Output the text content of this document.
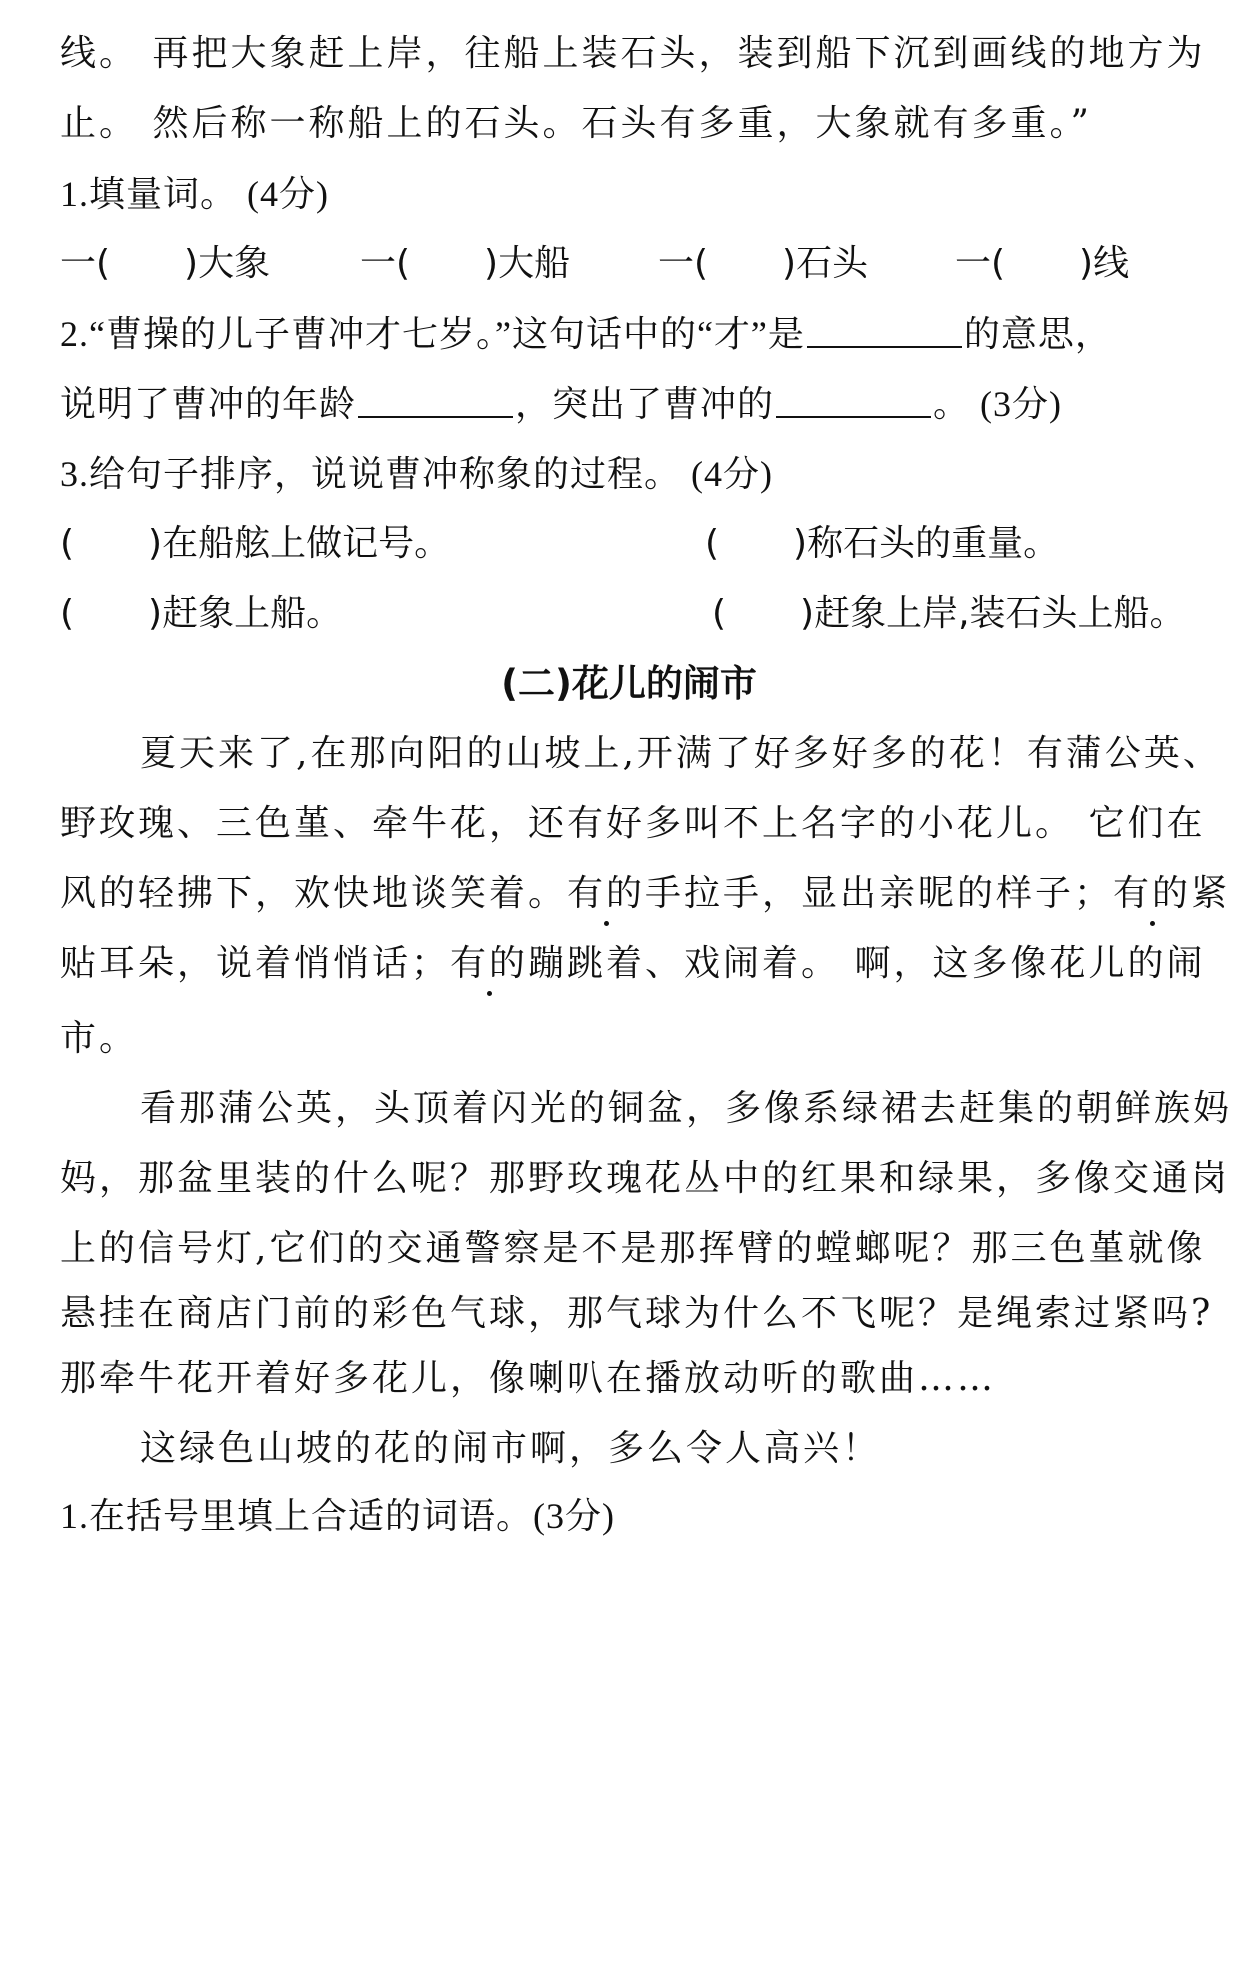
线。 再把大象赶上岸，往船上装石头，装到船下沉到画线的地方为
止。 然后称一称船上的石头。石头有多重，大象就有多重。”
1.填量词。 (4分)
一( )大象 一( )大船 一( )石头 一( )线
2.“曹操的儿子曹冲才七岁。”这句话中的“才”是	的意思，
说明了曹冲的年龄	，突出了曹冲的	。 (3分)
3.给句子排序，说说曹冲称象的过程。 (4分)
( )在船舷上做记号。	( )称石头的重量。
( )赶象上船。	( )赶象上岸,装石头上船。
(二)花儿的闹市
夏天来了,在那向阳的山坡上,开满了好多好多的花！有蒲公英、
野玫瑰、三色堇、牵牛花，还有好多叫不上名字的小花儿。 它们在
风的轻拂下，欢快地谈笑着。有的手拉手，显出亲昵的样子；有的紧
贴耳朵，说着悄悄话；有的蹦跳着、戏闹着。 啊，这多像花儿的闹
市。
看那蒲公英，头顶着闪光的铜盆，多像系绿裙去赶集的朝鲜族妈
妈，那盆里装的什么呢？那野玫瑰花丛中的红果和绿果，多像交通岗
上的信号灯,它们的交通警察是不是那挥臂的螳螂呢？那三色堇就像
悬挂在商店门前的彩色气球，那气球为什么不飞呢？是绳索过紧吗?
那牵牛花开着好多花儿，像喇叭在播放动听的歌曲……
这绿色山坡的花的闹市啊，多么令人高兴！
1.在括号里填上合适的词语。(3分)
